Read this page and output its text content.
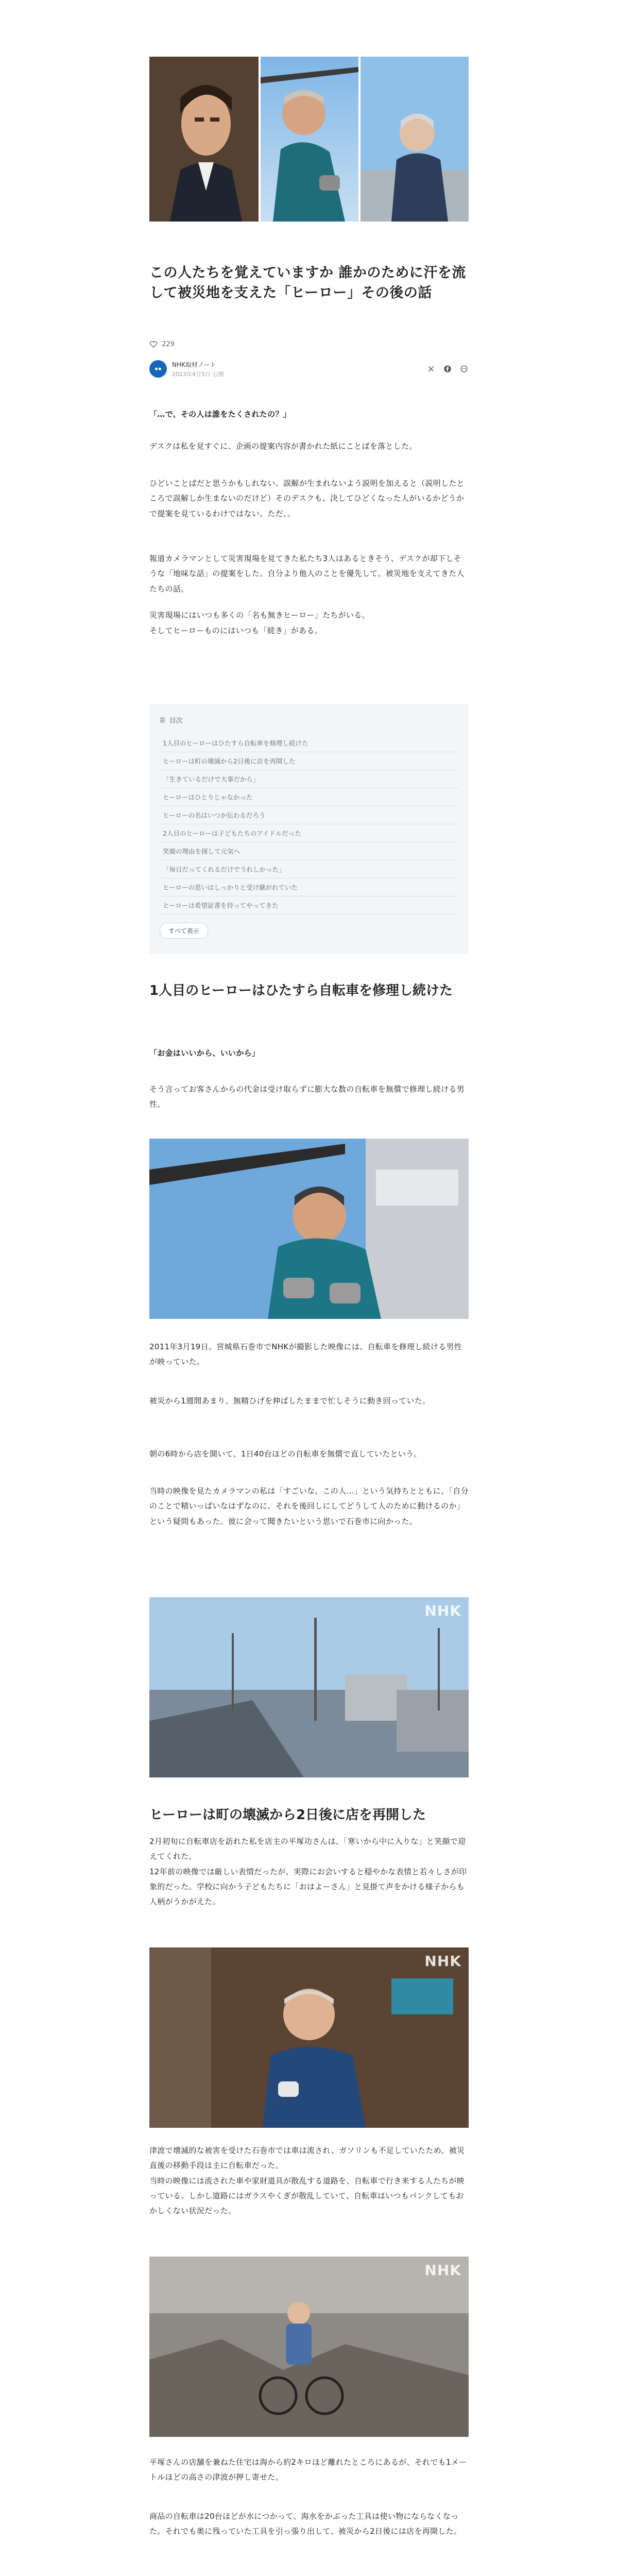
この人たちを覚えていますか 誰かのために汗を流して被災地を支えた「ヒーロー」その後の話
229
NHK取材ノート
2023年4月5日 公開

「…で、その人は誰をたくされたの？」

デスクは私を見すぐに、企画の提案内容が書かれた紙にことばを落とした。

ひどいことばだと思うかもしれない。誤解が生まれないよう説明を加えると（説明したところで誤解しか生まないのだけど）そのデスクも、決してひどくなった人がいるかどうかで提案を見ているわけではない。ただ、。

報道カメラマンとして災害現場を見てきた私たち3人はあるときそう、デスクが却下しそうな「地味な話」の提案をした。自分より他人のことを優先して、被災地を支えてきた人たちの話。

災害現場にはいつも多くの「名も無きヒーロー」たちがいる。

そしてヒーローものにはいつも「続き」がある。

☰ 目次
1人目のヒーローはひたすら自転車を修理し続けた
ヒーローは町の壊滅から2日後に店を再開した
「生きているだけで大事だから」
ヒーローはひとりじゃなかった
ヒーローの名はいつか伝わるだろう
2人目のヒーローは子どもたちのアイドルだった
笑顔の理由を探して元気へ
「毎日だってくれるだけでうれしかった」
ヒーローの思いはしっかりと受け継がれていた
ヒーローは希望証書を持ってやってきた
すべて表示
1人目のヒーローはひたすら自転車を修理し続けた

「お金はいいから、いいから」

そう言ってお客さんからの代金は受け取らずに膨大な数の自転車を無償で修理し続ける男性。

2011年3月19日。宮城県石巻市でNHKが撮影した映像には、自転車を修理し続ける男性が映っていた。

被災から1週間あまり、無精ひげを伸ばしたままで忙しそうに動き回っていた。

朝の6時から店を開いて、1日40台ほどの自転車を無償で直していたという。

当時の映像を見たカメラマンの私は「すごいな、この人…」という気持ちとともに、「自分のことで精いっぱいなはずなのに、それを後回しにしてどうして人のために動けるのか」という疑問もあった。彼に会って聞きたいという思いで石巻市に向かった。

NHK
ヒーローは町の壊滅から2日後に店を再開した

2月初旬に自転車店を訪れた私を店主の平塚功さんは、「寒いから中に入りな」と笑顔で迎えてくれた。
12年前の映像では厳しい表情だったが、実際にお会いすると穏やかな表情と若々しさが印象的だった。学校に向かう子どもたちに「おはよーさん」と見掛て声をかける様子からも人柄がうかがえた。

NHK

津波で壊滅的な被害を受けた石巻市では車は流され、ガソリンも不足していたため、被災直後の移動手段は主に自転車だった。
当時の映像には流された車や家財道具が散乱する道路を、自転車で行き来する人たちが映っている。しかし道路にはガラスやくぎが散乱していて、自転車はいつもパンクしてもおかしくない状況だった。

NHK

平塚さんの店舗を兼ねた住宅は海から約2キロほど離れたところにあるが、それでも1メートルほどの高さの津波が押し寄せた。

商品の自転車は20台ほどが水につかって、海水をかぶった工具は使い物にならなくなった。それでも奥に残っていた工具を引っ張り出して、被災から2日後には店を再開した。
